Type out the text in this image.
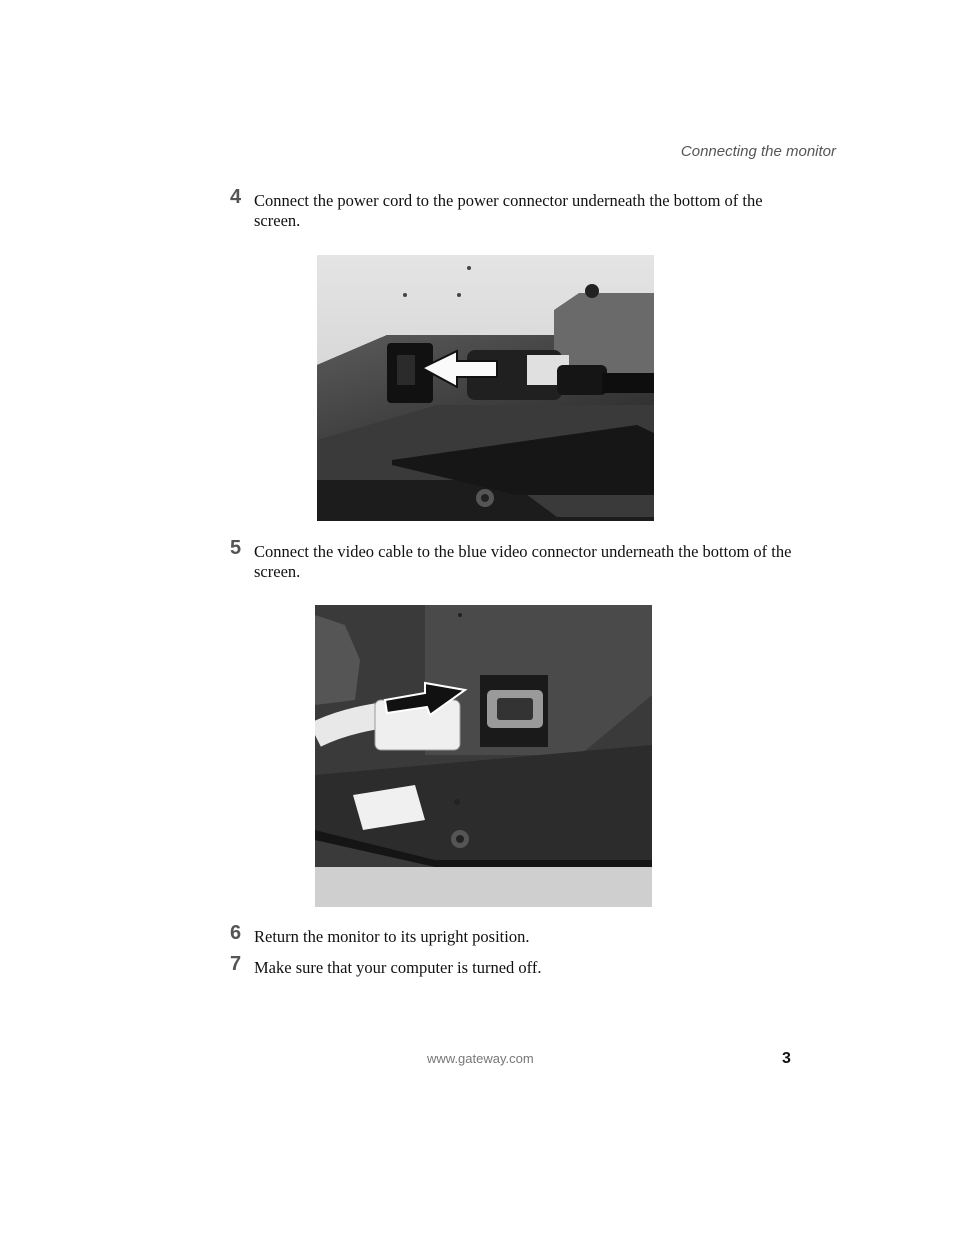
Connecting the monitor
4 Connect the power cord to the power connector underneath the bottom of the screen.
5 Connect the video cable to the blue video connector underneath the bottom of the screen.
6 Return the monitor to its upright position.
7 Make sure that your computer is turned off.
www.gateway.com	3
